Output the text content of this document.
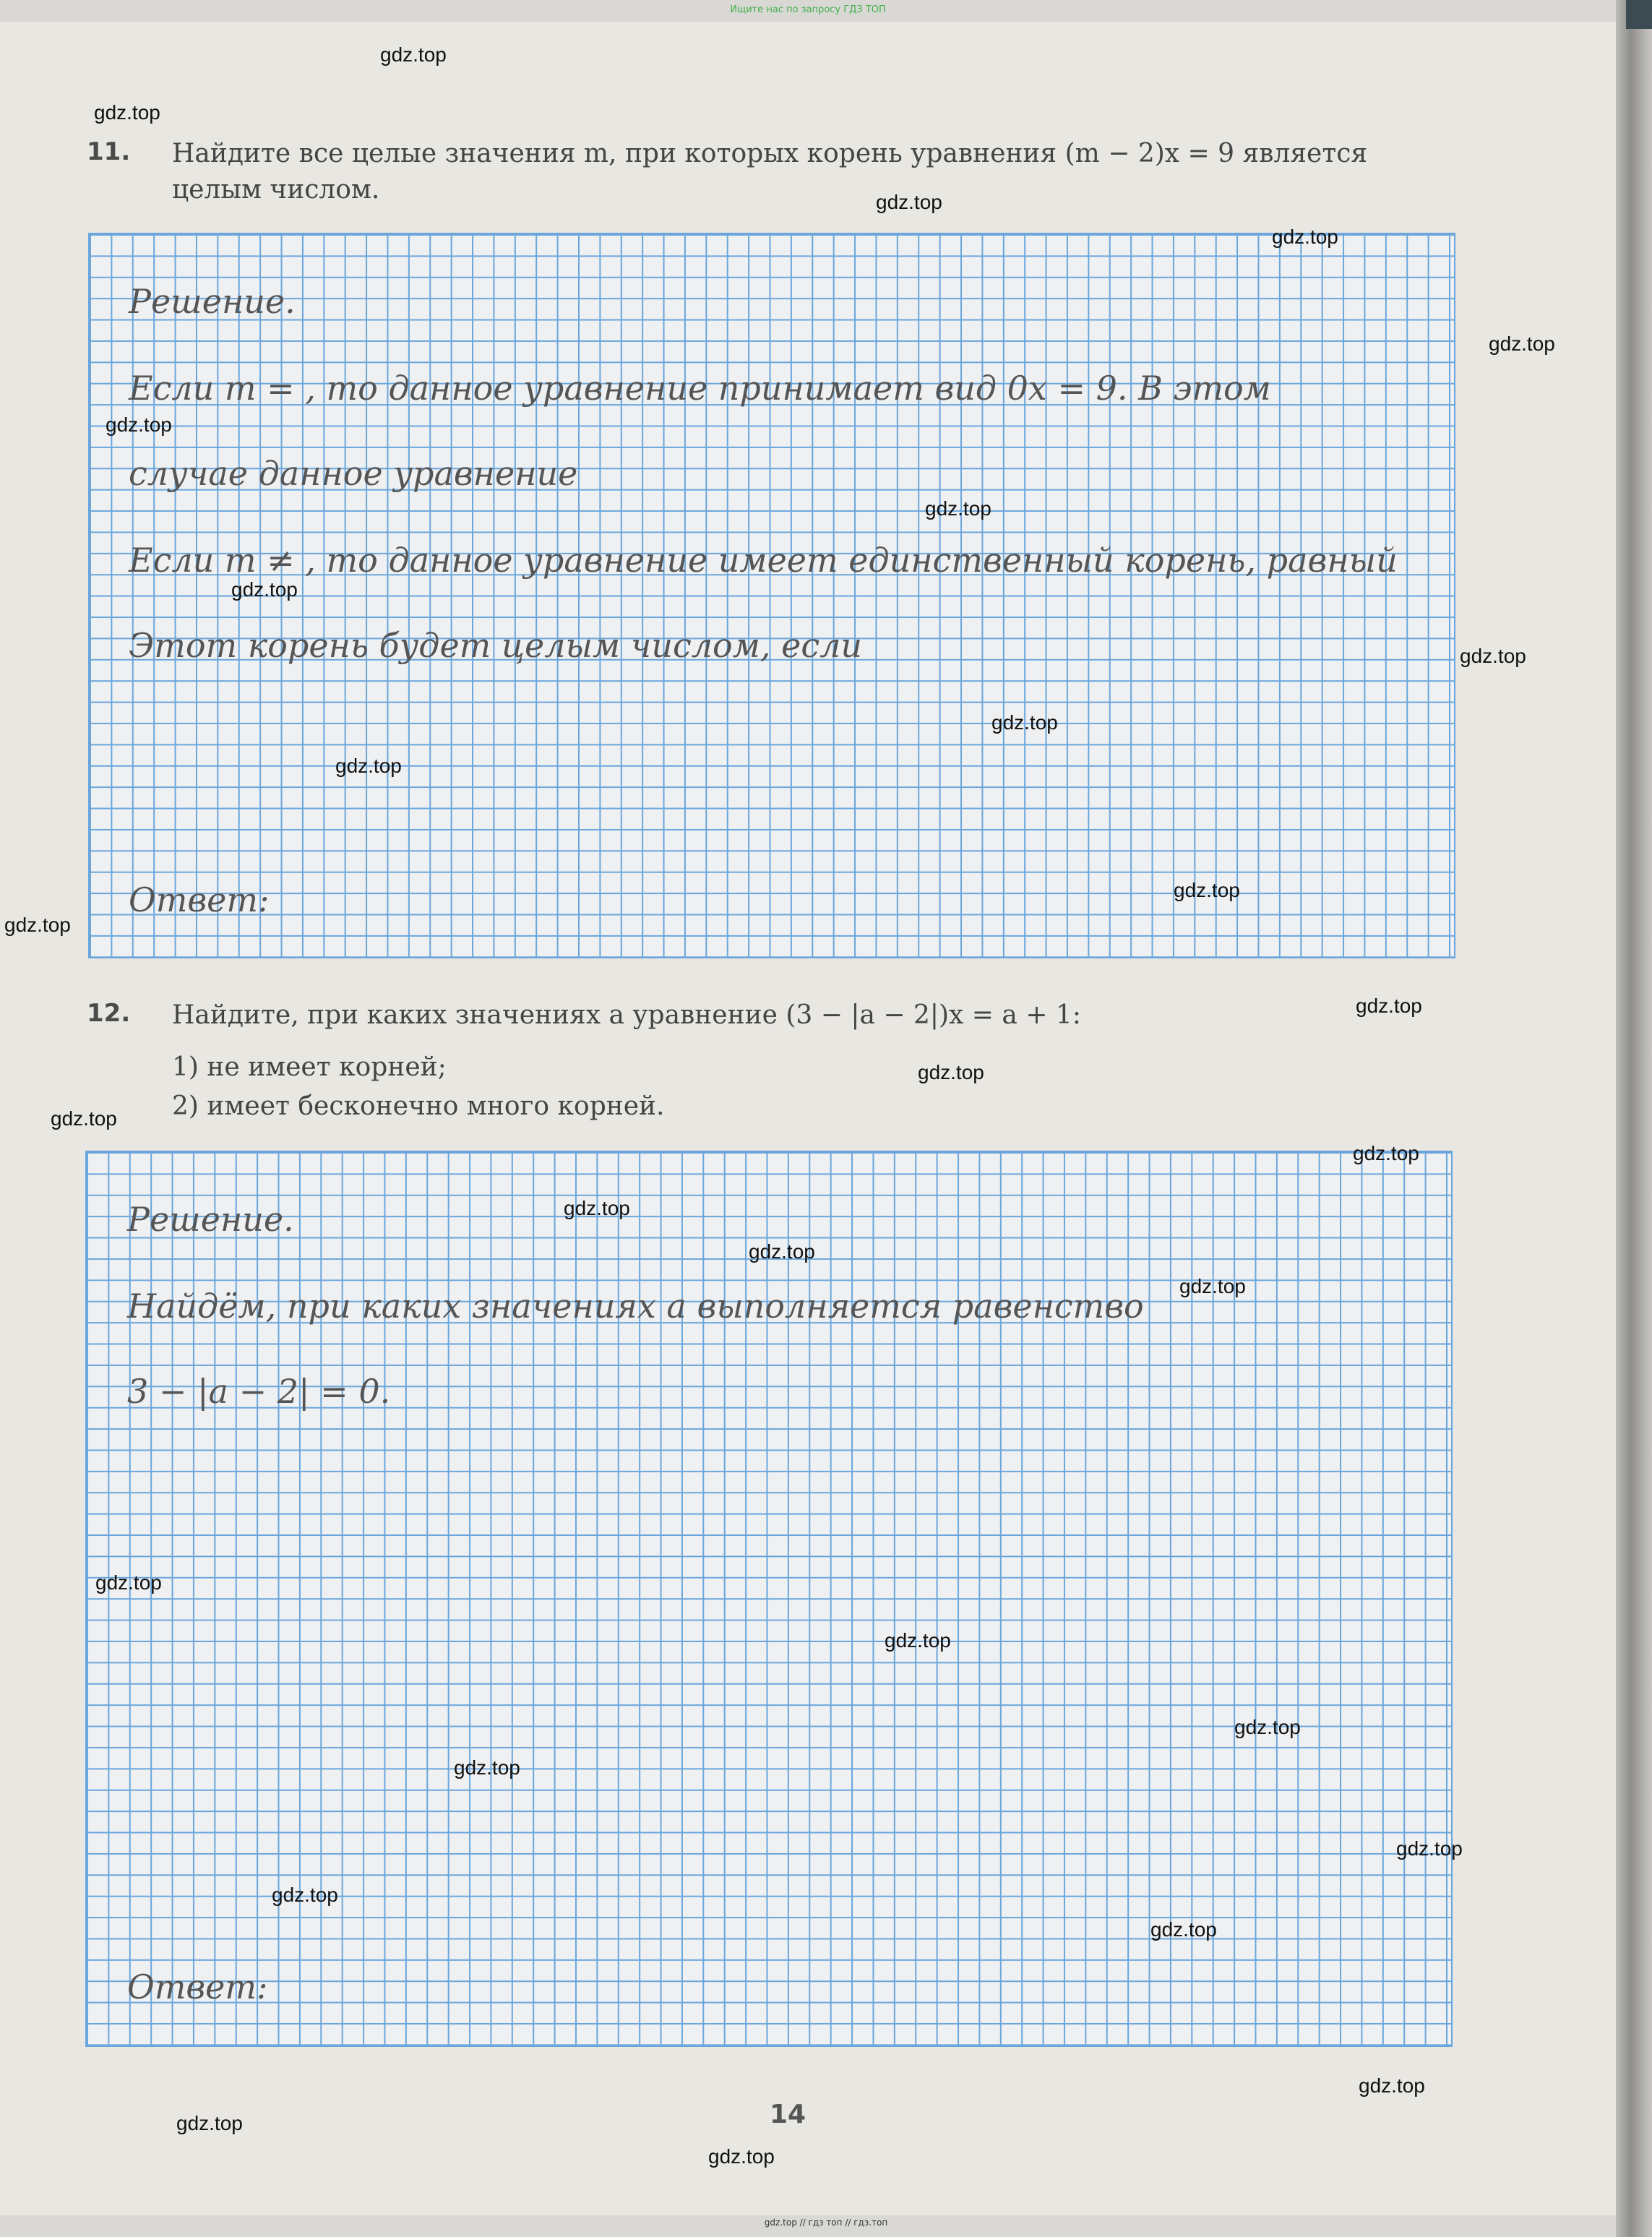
Ищите нас по запросу ГДЗ ТОП
11. Найдите все целые значения m, при которых корень уравнения (m − 2)x = 9 является
целым числом.
Решение.
Если m = , то данное уравнение принимает вид 0x = 9. В этом
случае данное уравнение
Если m ≠ , то данное уравнение имеет единственный корень, равный
Этот корень будет целым числом, если
Ответ:
12. Найдите, при каких значениях a уравнение (3 − |a − 2|)x = a + 1:
1) не имеет корней;
2) имеет бесконечно много корней.
Решение.
Найдём, при каких значениях a выполняется равенство
3 − |a − 2| = 0.
Ответ:
14
gdz.top
gdz.top
gdz.top
gdz.top
gdz.top
gdz.top
gdz.top
gdz.top
gdz.top
gdz.top
gdz.top
gdz.top
gdz.top
gdz.top
gdz.top
gdz.top
gdz.top
gdz.top
gdz.top
gdz.top
gdz.top
gdz.top
gdz.top
gdz.top
gdz.top
gdz.top
gdz.top
gdz.top
gdz.top
gdz.top
gdz.top // гдз топ // гдз.топ
